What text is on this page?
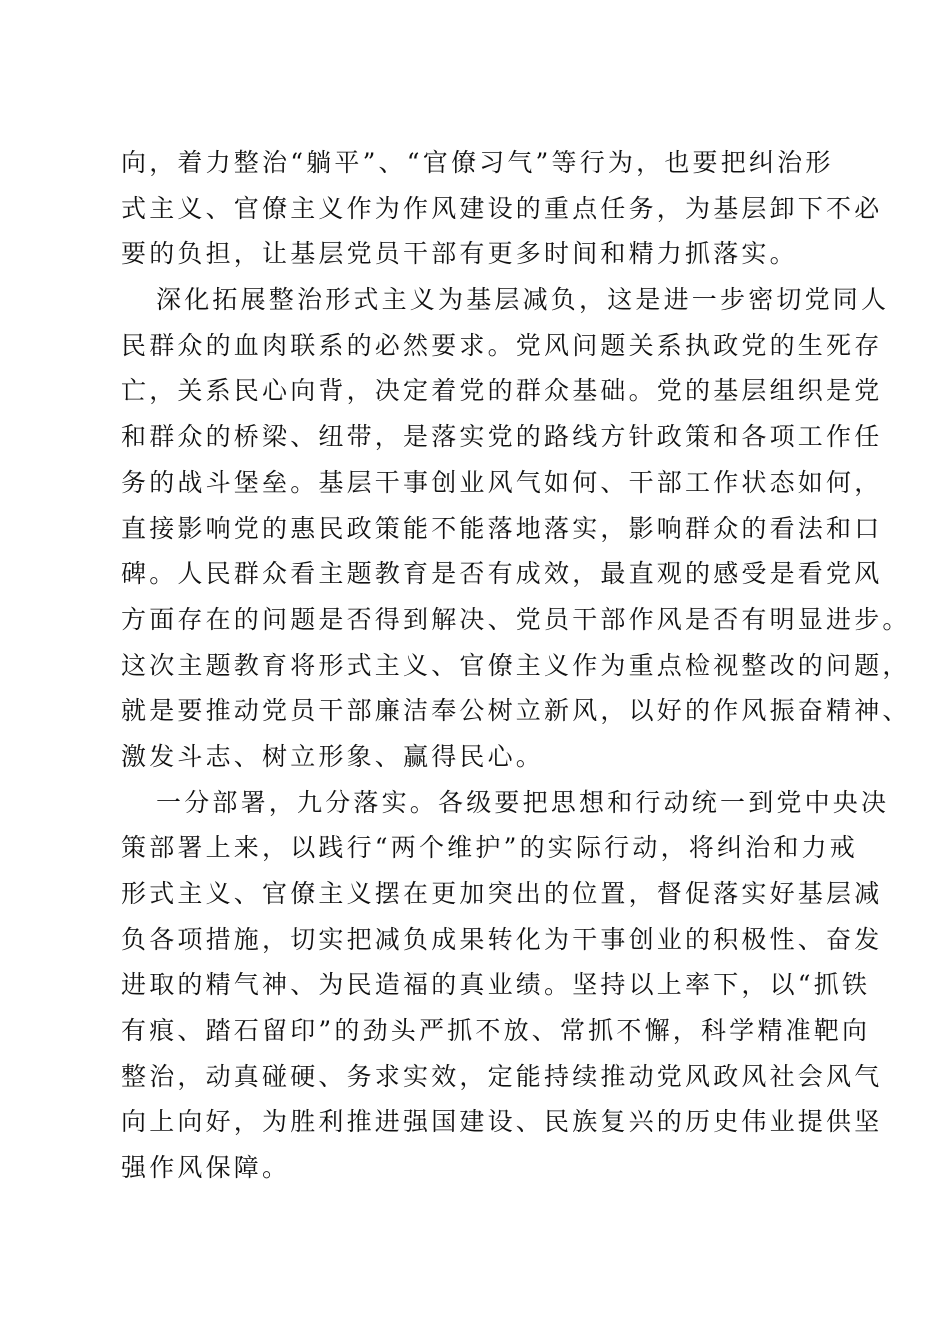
向，着力整治“躺平”、“官僚习气”等行为，也要把纠治形
式主义、官僚主义作为作风建设的重点任务，为基层卸下不必
要的负担，让基层党员干部有更多时间和精力抓落实。
深化拓展整治形式主义为基层减负，这是进一步密切党同人
民群众的血肉联系的必然要求。党风问题关系执政党的生死存
亡，关系民心向背，决定着党的群众基础。党的基层组织是党
和群众的桥梁、纽带，是落实党的路线方针政策和各项工作任
务的战斗堡垒。基层干事创业风气如何、干部工作状态如何，
直接影响党的惠民政策能不能落地落实，影响群众的看法和口
碑。人民群众看主题教育是否有成效，最直观的感受是看党风
方面存在的问题是否得到解决、党员干部作风是否有明显进步。
这次主题教育将形式主义、官僚主义作为重点检视整改的问题，
就是要推动党员干部廉洁奉公树立新风，以好的作风振奋精神、
激发斗志、树立形象、赢得民心。
一分部署，九分落实。各级要把思想和行动统一到党中央决
策部署上来，以践行“两个维护”的实际行动，将纠治和力戒
形式主义、官僚主义摆在更加突出的位置，督促落实好基层减
负各项措施，切实把减负成果转化为干事创业的积极性、奋发
进取的精气神、为民造福的真业绩。坚持以上率下，以“抓铁
有痕、踏石留印”的劲头严抓不放、常抓不懈，科学精准靶向
整治，动真碰硬、务求实效，定能持续推动党风政风社会风气
向上向好，为胜利推进强国建设、民族复兴的历史伟业提供坚
强作风保障。
